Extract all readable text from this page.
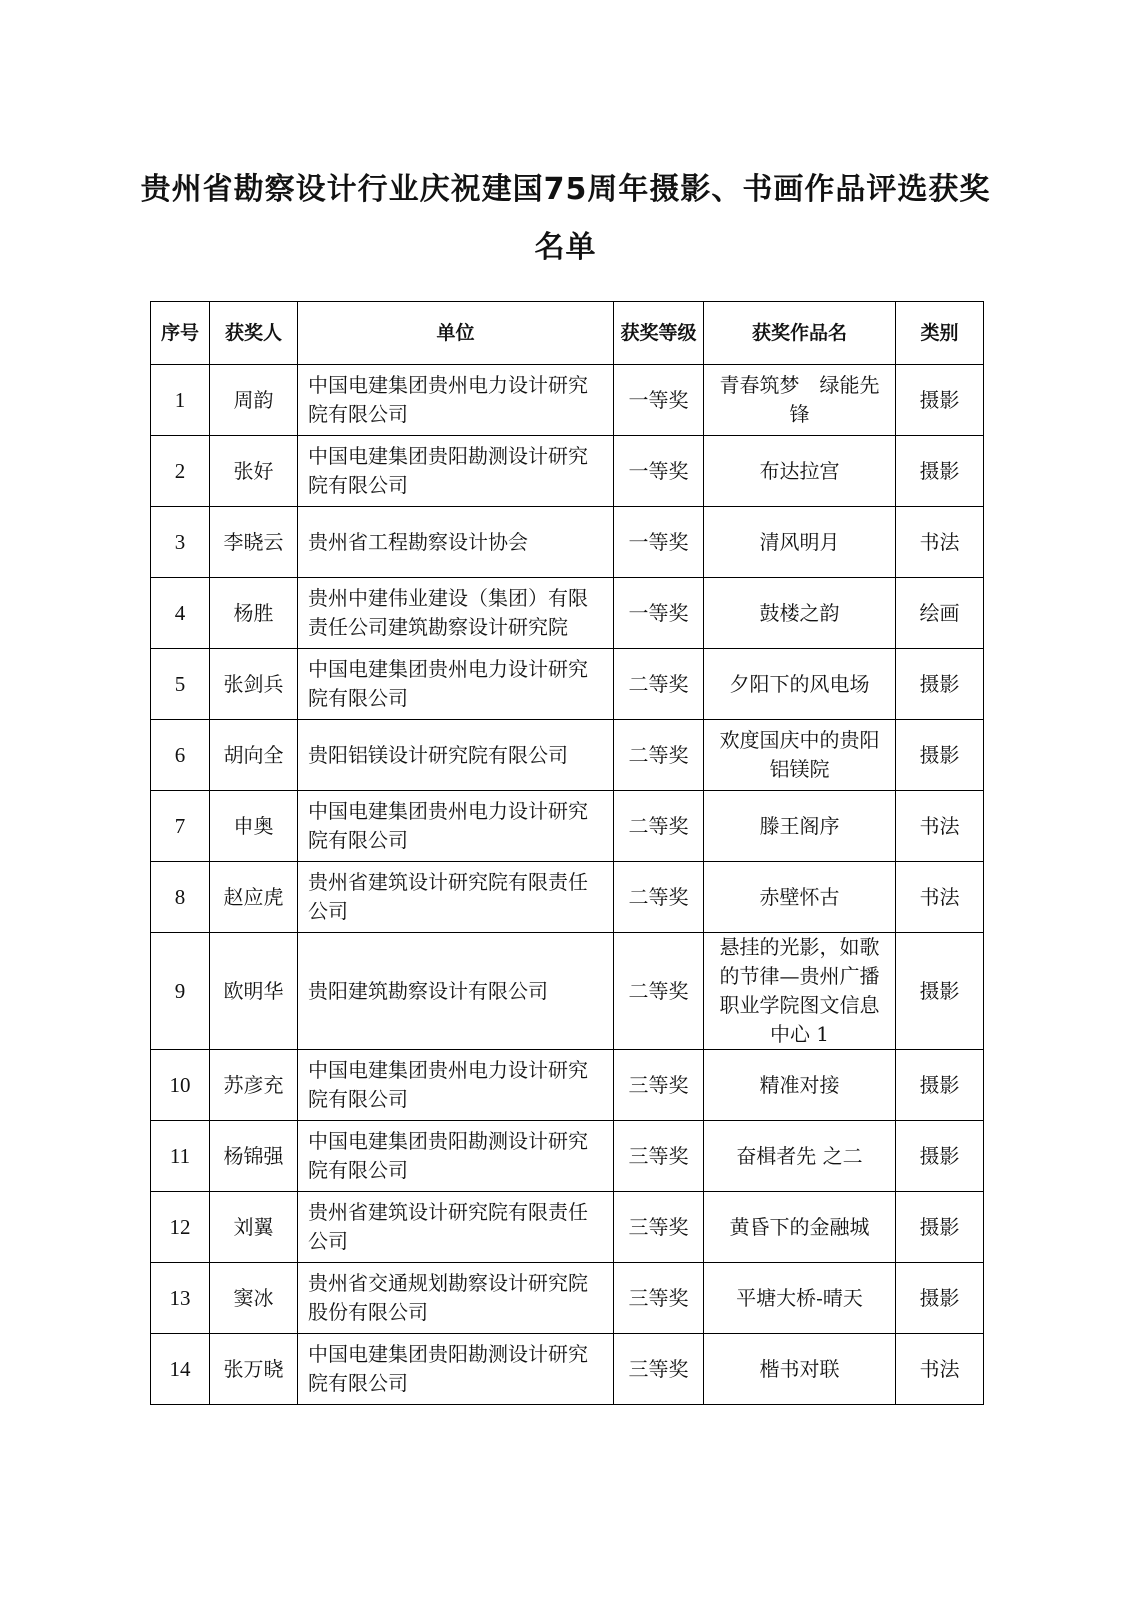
贵州省勘察设计行业庆祝建国75周年摄影、书画作品评选获奖
名单
序号	获奖人	单位	获奖等级	获奖作品名	类别
1	周韵	中国电建集团贵州电力设计研究院有限公司	一等奖	青春筑梦　绿能先锋	摄影
2	张好	中国电建集团贵阳勘测设计研究院有限公司	一等奖	布达拉宫	摄影
3	李晓云	贵州省工程勘察设计协会	一等奖	清风明月	书法
4	杨胜	贵州中建伟业建设（集团）有限责任公司建筑勘察设计研究院	一等奖	鼓楼之韵	绘画
5	张剑兵	中国电建集团贵州电力设计研究院有限公司	二等奖	夕阳下的风电场	摄影
6	胡向全	贵阳铝镁设计研究院有限公司	二等奖	欢度国庆中的贵阳铝镁院	摄影
7	申奥	中国电建集团贵州电力设计研究院有限公司	二等奖	滕王阁序	书法
8	赵应虎	贵州省建筑设计研究院有限责任公司	二等奖	赤壁怀古	书法
9	欧明华	贵阳建筑勘察设计有限公司	二等奖	悬挂的光影，如歌的节律—贵州广播职业学院图文信息中心 1	摄影
10	苏彦充	中国电建集团贵州电力设计研究院有限公司	三等奖	精准对接	摄影
11	杨锦强	中国电建集团贵阳勘测设计研究院有限公司	三等奖	奋楫者先 之二	摄影
12	刘翼	贵州省建筑设计研究院有限责任公司	三等奖	黄昏下的金融城	摄影
13	窦冰	贵州省交通规划勘察设计研究院股份有限公司	三等奖	平塘大桥-晴天	摄影
14	张万晓	中国电建集团贵阳勘测设计研究院有限公司	三等奖	楷书对联	书法
